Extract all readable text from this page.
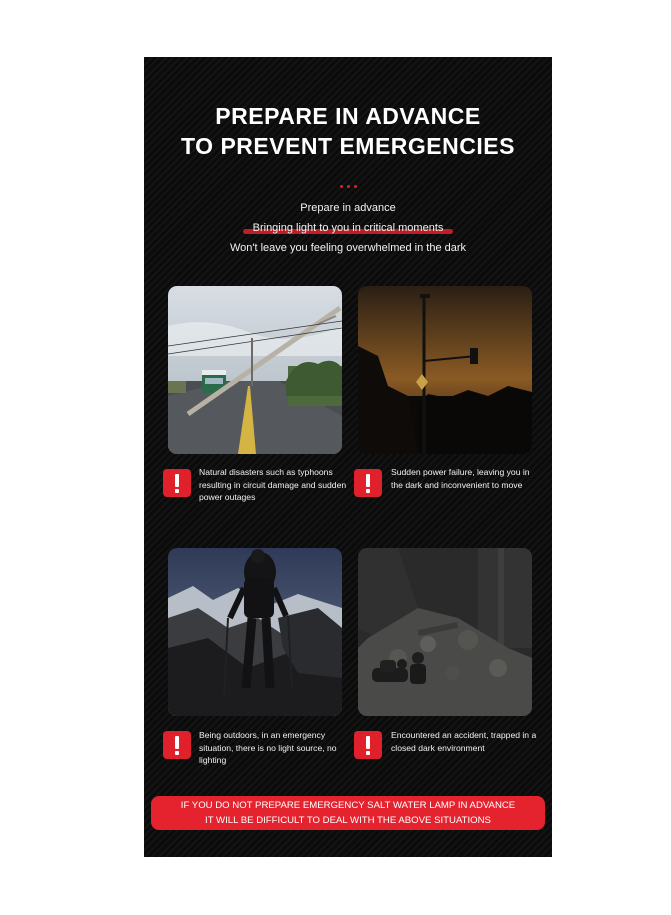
PREPARE IN ADVANCE
TO PREVENT EMERGENCIES
Prepare in advance
Bringing light to you in critical moments
Won't leave you feeling overwhelmed in the dark
Natural disasters such as typhoons resulting in circuit damage and sudden power outages
Sudden power failure, leaving you in the dark and inconvenient to move
Being outdoors, in an emergency situation, there is no light source, no lighting
Encountered an accident, trapped in a closed dark environment
IF YOU DO NOT PREPARE EMERGENCY SALT WATER LAMP IN ADVANCE
IT WILL BE DIFFICULT TO DEAL WITH THE ABOVE SITUATIONS
